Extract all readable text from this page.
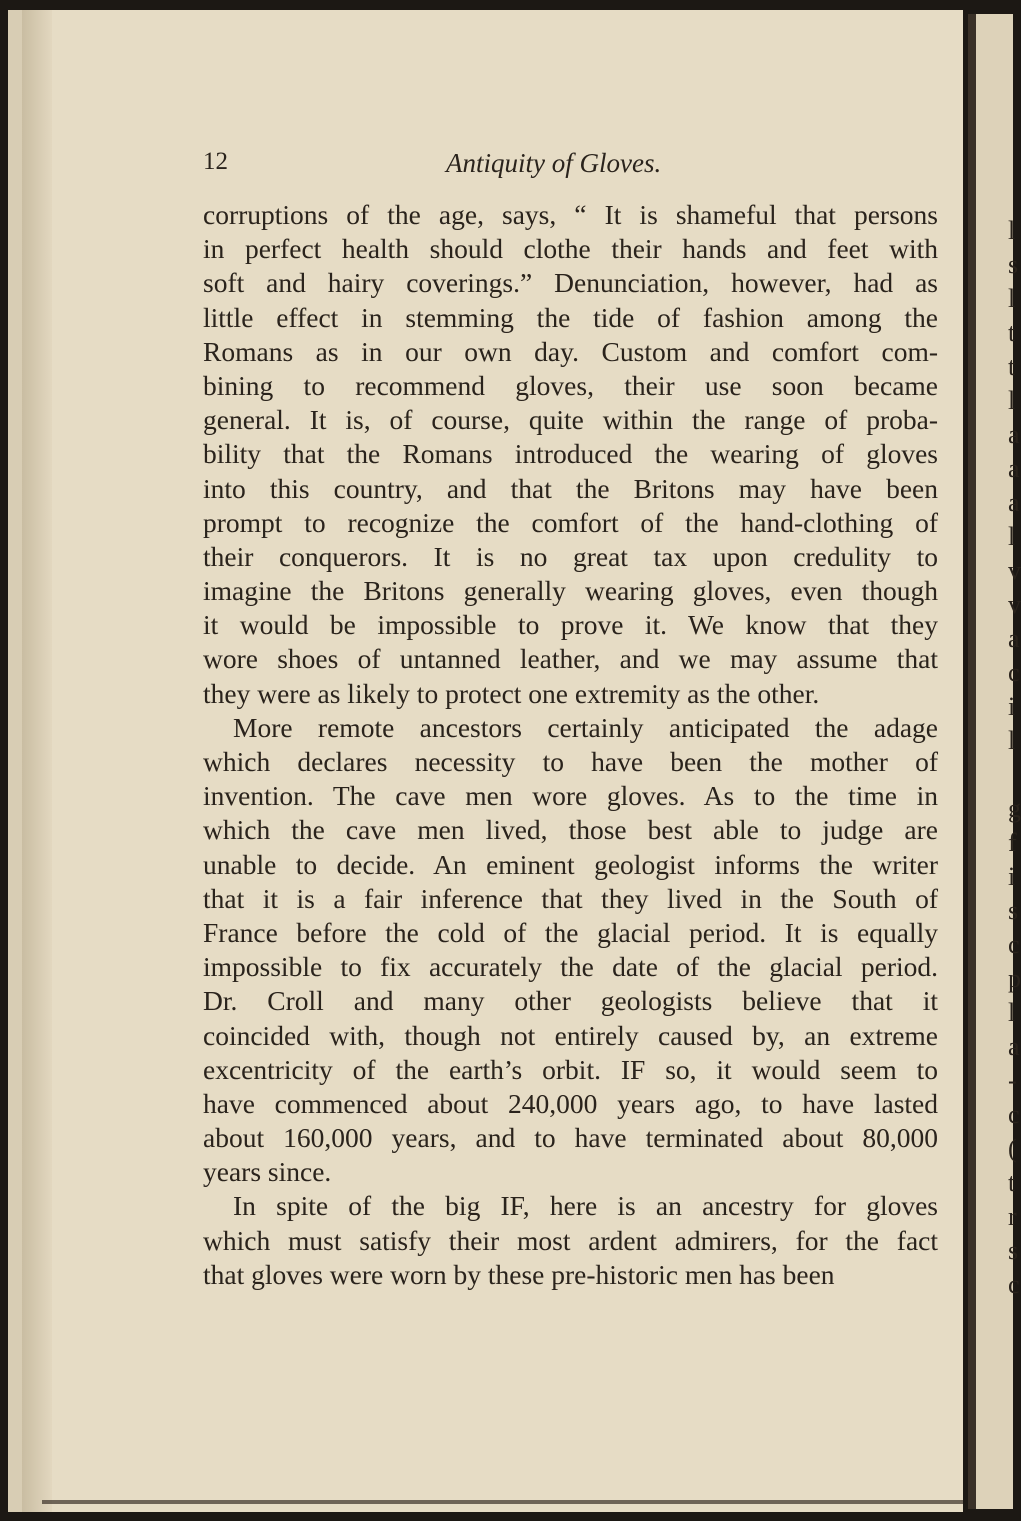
l
s
l
t
t
l
a
a
a
l
v
v
a
c
i
l
g
f
i
s
c
p
l
a
-
c
(
t
r
s
c
12	Antiquity of Gloves.
corruptions of the age, says, “ It is shameful that persons
in perfect health should clothe their hands and feet with
soft and hairy coverings.” Denunciation, however, had as
little effect in stemming the tide of fashion among the
Romans as in our own day. Custom and comfort com-
bining to recommend gloves, their use soon became
general. It is, of course, quite within the range of proba-
bility that the Romans introduced the wearing of gloves
into this country, and that the Britons may have been
prompt to recognize the comfort of the hand-clothing of
their conquerors. It is no great tax upon credulity to
imagine the Britons generally wearing gloves, even though
it would be impossible to prove it. We know that they
wore shoes of untanned leather, and we may assume that
they were as likely to protect one extremity as the other.
More remote ancestors certainly anticipated the adage
which declares necessity to have been the mother of
invention. The cave men wore gloves. As to the time in
which the cave men lived, those best able to judge are
unable to decide. An eminent geologist informs the writer
that it is a fair inference that they lived in the South of
France before the cold of the glacial period. It is equally
impossible to fix accurately the date of the glacial period.
Dr. Croll and many other geologists believe that it
coincided with, though not entirely caused by, an extreme
excentricity of the earth’s orbit. IF so, it would seem to
have commenced about 240,000 years ago, to have lasted
about 160,000 years, and to have terminated about 80,000
years since.
In spite of the big IF, here is an ancestry for gloves
which must satisfy their most ardent admirers, for the fact
that gloves were worn by these pre-historic men has been
